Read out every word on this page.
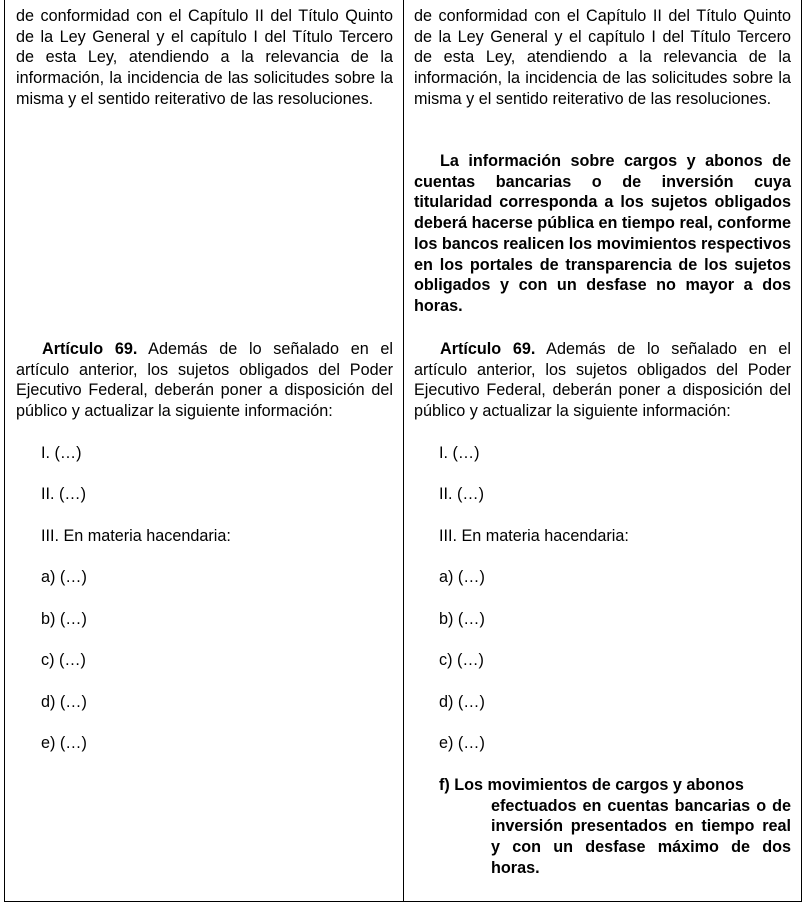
de conformidad con el Capítulo II del Título Quinto de la Ley General y el capítulo I del Título Tercero de esta Ley, atendiendo a la relevancia de la información, la incidencia de las solicitudes sobre la misma y el sentido reiterativo de las resoluciones.

Artículo 69. Además de lo señalado en el artículo anterior, los sujetos obligados del Poder Ejecutivo Federal, deberán poner a disposición del público y actualizar la siguiente información:

I. (…)

II. (…)

III. En materia hacendaria:

a) (…)

b) (…)

c) (…)

d) (…)

e) (…)

de conformidad con el Capítulo II del Título Quinto de la Ley General y el capítulo I del Título Tercero de esta Ley, atendiendo a la relevancia de la información, la incidencia de las solicitudes sobre la misma y el sentido reiterativo de las resoluciones.

La información sobre cargos y abonos de cuentas bancarias o de inversión cuya titularidad corresponda a los sujetos obligados deberá hacerse pública en tiempo real, conforme los bancos realicen los movimientos respectivos en los portales de transparencia de los sujetos obligados y con un desfase no mayor a dos horas.

Artículo 69. Además de lo señalado en el artículo anterior, los sujetos obligados del Poder Ejecutivo Federal, deberán poner a disposición del público y actualizar la siguiente información:

I. (…)

II. (…)

III. En materia hacendaria:

a) (…)

b) (…)

c) (…)

d) (…)

e) (…)

f) Los movimientos de cargos y abonos
efectuados en cuentas bancarias o de inversión presentados en tiempo real y con un desfase máximo de dos horas.
